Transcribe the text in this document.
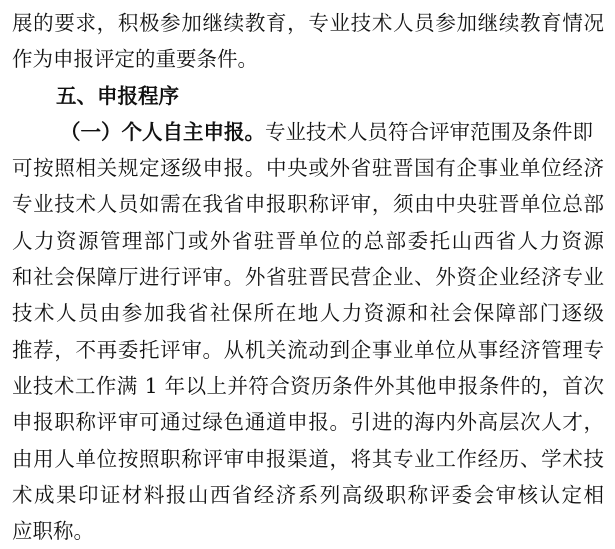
展的要求，积极参加继续教育，专业技术人员参加继续教育情况
作为申报评定的重要条件。
五、申报程序
（一）个人自主申报。专业技术人员符合评审范围及条件即
可按照相关规定逐级申报。中央或外省驻晋国有企事业单位经济
专业技术人员如需在我省申报职称评审，须由中央驻晋单位总部
人力资源管理部门或外省驻晋单位的总部委托山西省人力资源
和社会保障厅进行评审。外省驻晋民营企业、外资企业经济专业
技术人员由参加我省社保所在地人力资源和社会保障部门逐级
推荐，不再委托评审。从机关流动到企事业单位从事经济管理专
业技术工作满 1 年以上并符合资历条件外其他申报条件的，首次
申报职称评审可通过绿色通道申报。引进的海内外高层次人才，
由用人单位按照职称评审申报渠道，将其专业工作经历、学术技
术成果印证材料报山西省经济系列高级职称评委会审核认定相
应职称。
